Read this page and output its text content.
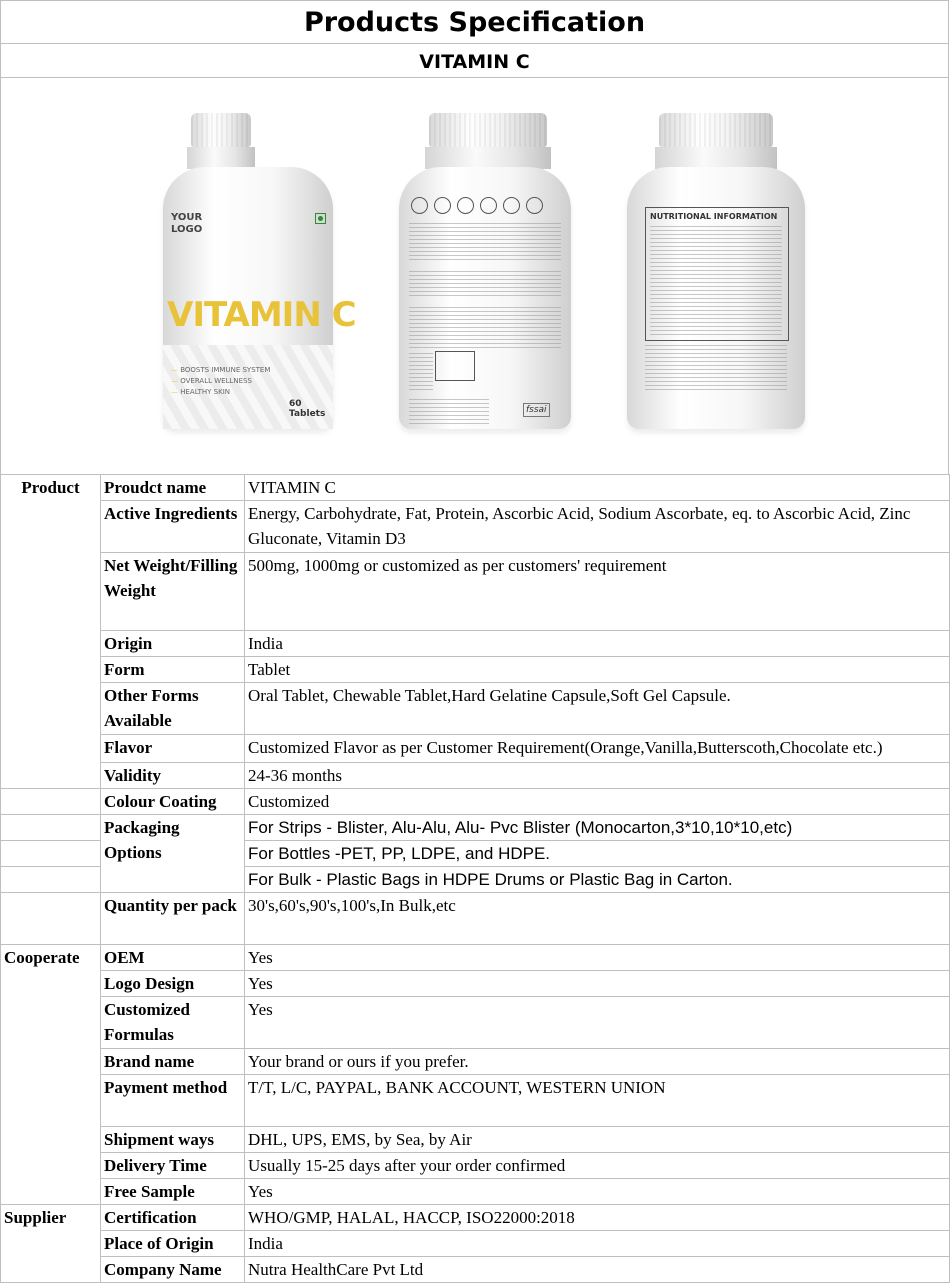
Products Specification
VITAMIN C
YOUR
LOGO
VITAMIN C
— BOOSTS IMMUNE SYSTEM
— OVERALL WELLNESS
— HEALTHY SKIN
60 Tablets	fssai
NUTRITIONAL INFORMATION
Product	Proudct name	VITAMIN C
	Active Ingredients	Energy, Carbohydrate, Fat, Protein, Ascorbic Acid, Sodium Ascorbate, eq. to Ascorbic Acid, Zinc Gluconate, Vitamin D3
	Net Weight/Filling Weight	500mg, 1000mg or customized as per customers' requirement
	Origin	India
	Form	Tablet
	Other Forms Available	Oral Tablet, Chewable Tablet,Hard Gelatine Capsule,Soft Gel Capsule.
	Flavor	Customized Flavor as per Customer Requirement(Orange,Vanilla,Butterscoth,Chocolate etc.)
	Validity	24-36 months
	Colour Coating	Customized
	Packaging Options	For Strips - Blister, Alu-Alu, Alu- Pvc Blister (Monocarton,3*10,10*10,etc)
		For Bottles -PET, PP, LDPE, and HDPE.
		For Bulk - Plastic Bags in HDPE Drums or Plastic Bag in Carton.
	Quantity per pack	30's,60's,90's,100's,In Bulk,etc
Cooperate	OEM	Yes
	Logo Design	Yes
	Customized Formulas	Yes
	Brand name	Your brand or ours if you prefer.
	Payment method	T/T, L/C, PAYPAL, BANK ACCOUNT, WESTERN UNION
	Shipment ways	DHL, UPS, EMS, by Sea, by Air
	Delivery Time	Usually 15-25 days after your order confirmed
	Free Sample	Yes
Supplier	Certification	WHO/GMP, HALAL, HACCP, ISO22000:2018
	Place of Origin	India
	Company Name	Nutra HealthCare Pvt Ltd
